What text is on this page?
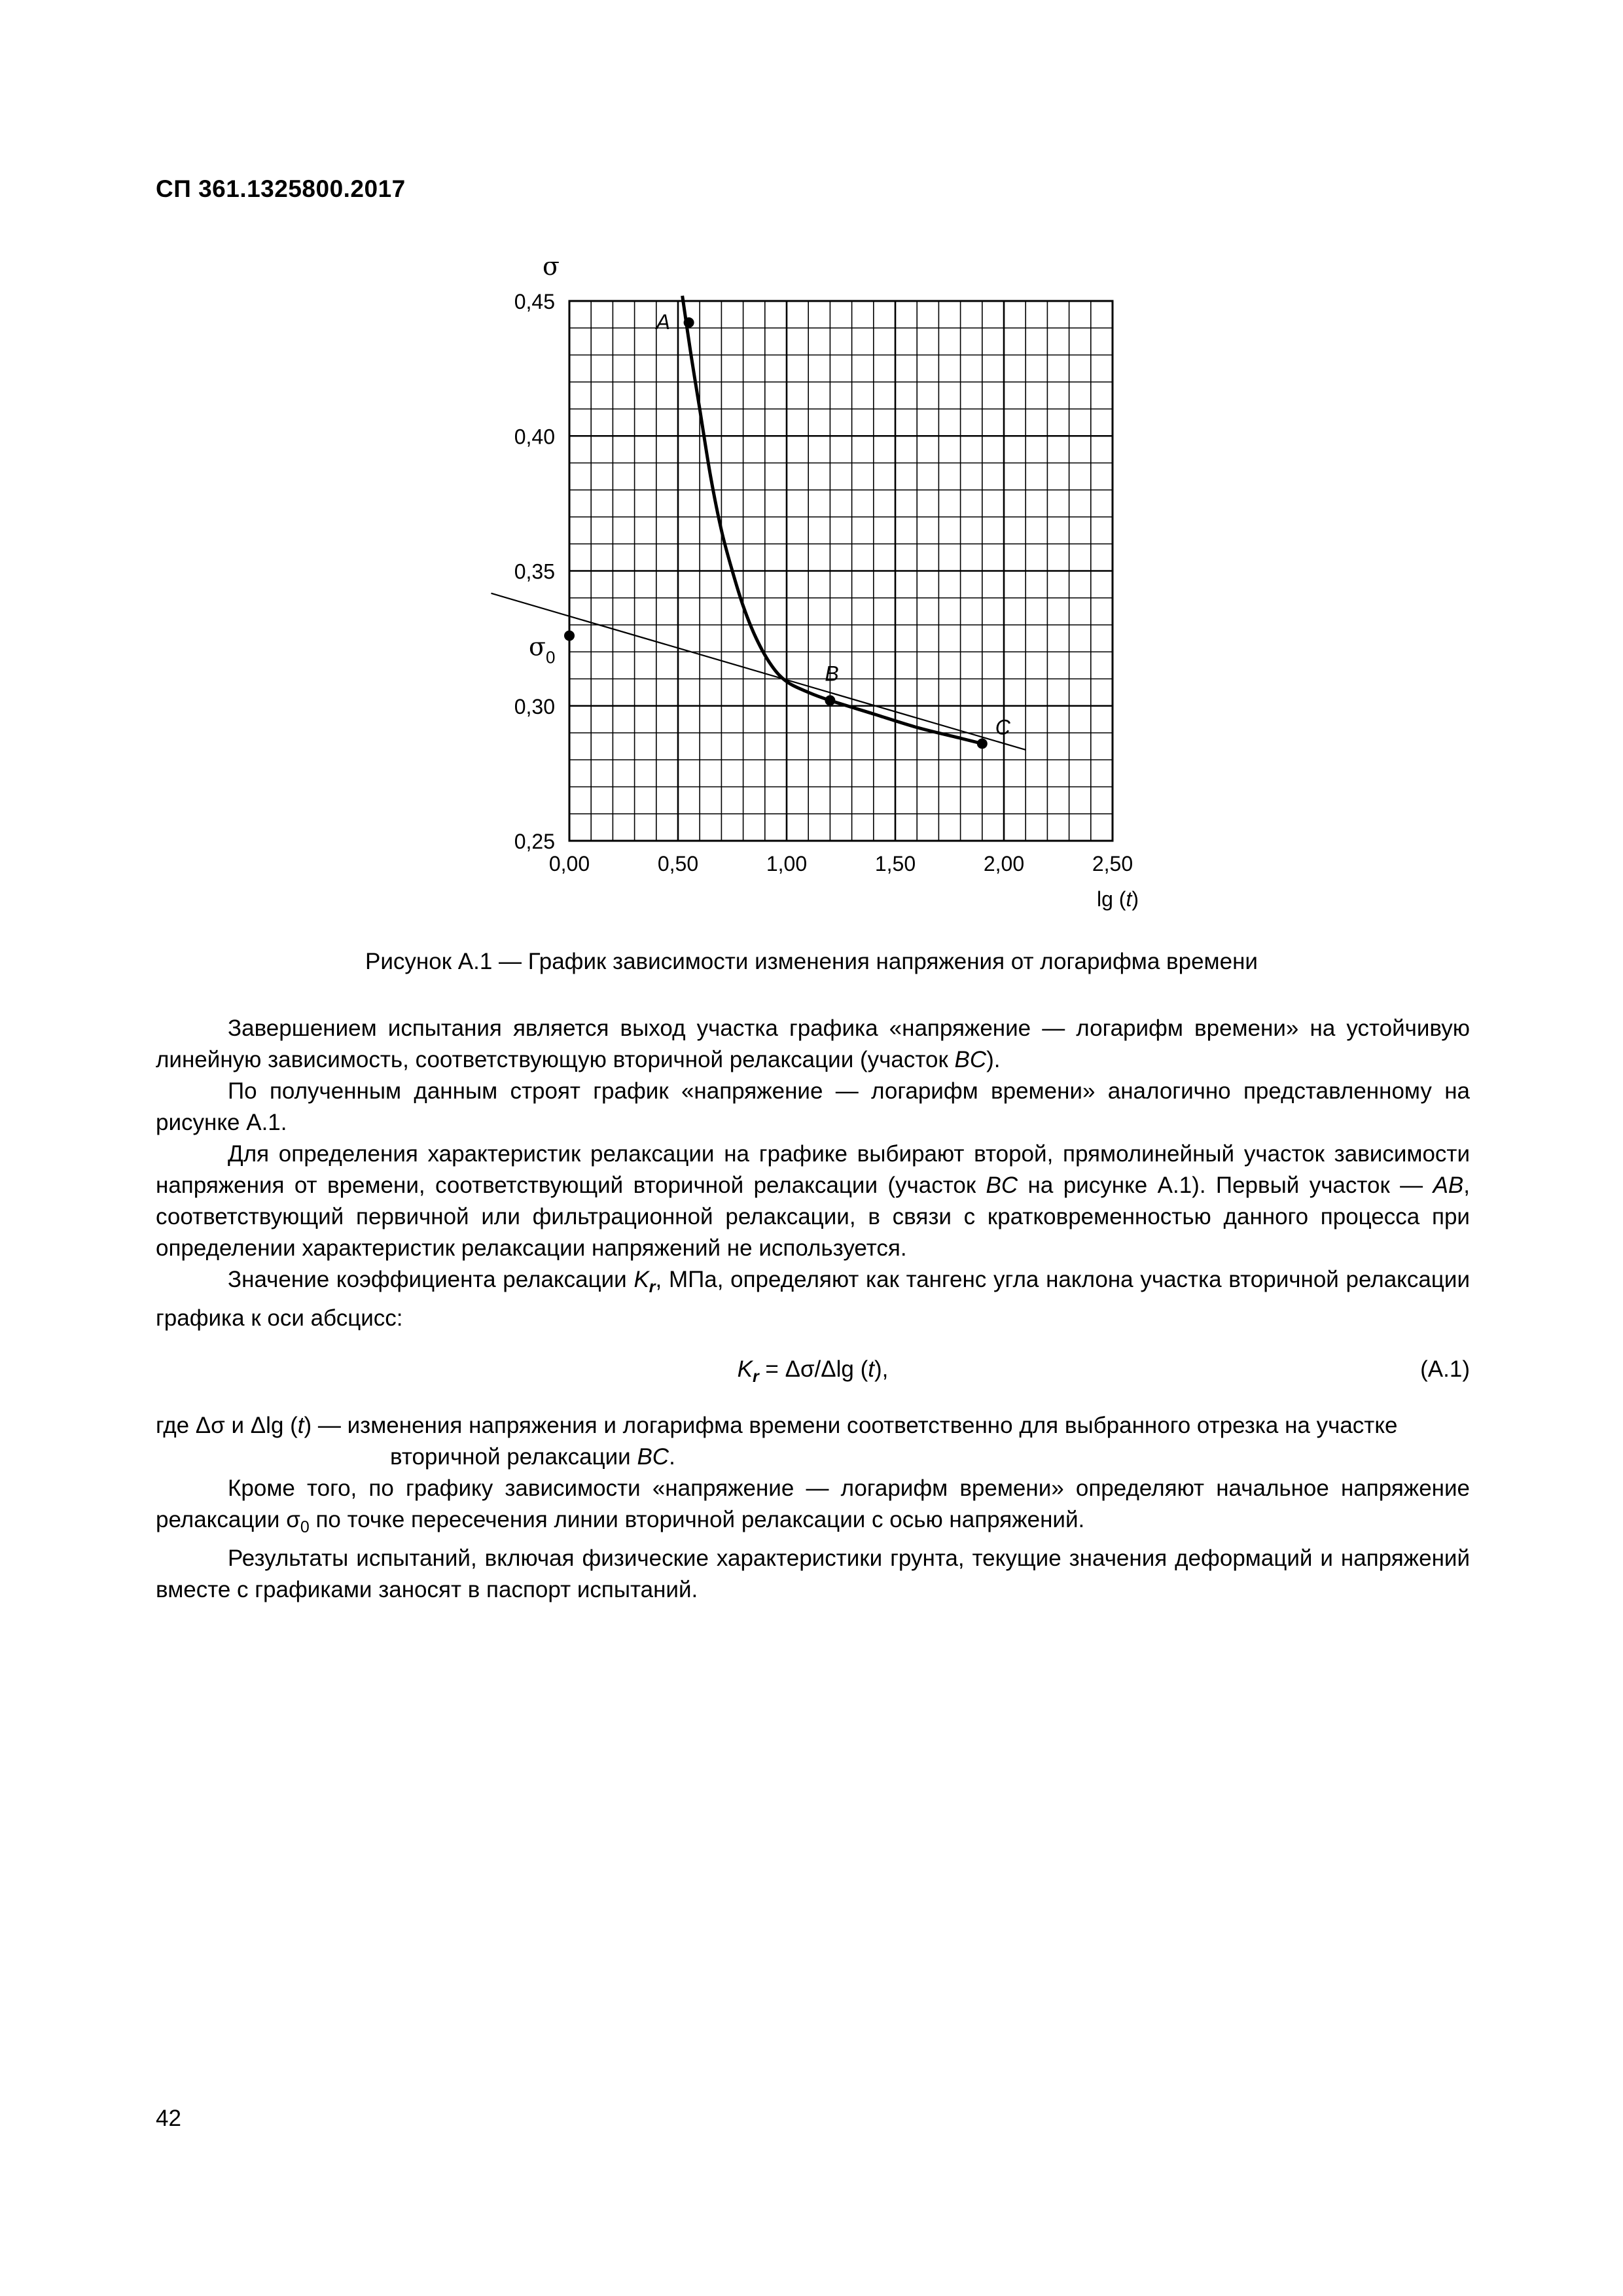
СП 361.1325800.2017
A
B
C
0,00	0,50	1,00	1,50	2,00	2,50
0,25
0,30
0,35
0,40
0,45
σ
$\sigma_0$
lg (t)
Рисунок А.1 — График зависимости изменения напряжения от логарифма времени

Завершением испытания является выход участка графика «напряжение — логарифм времени» на устойчивую линейную зависимость, соответствующую вторичной релаксации (участок BC).

По полученным данным строят график «напряжение — логарифм времени» аналогично представленному на рисунке А.1.

Для определения характеристик релаксации на графике выбирают второй, прямолинейный участок зависимости напряжения от времени, соответствующий вторичной релаксации (участок BC на рисунке А.1). Первый участок — AB, соответствующий первичной или фильтрационной релаксации, в связи с кратковременностью данного процесса при определении характеристик релаксации напряжений не используется.

Значение коэффициента релаксации $K_r$, МПа, определяют как тангенс угла наклона участка вторичной релаксации графика к оси абсцисс:

$K_r = \Delta\sigma/\Delta\lg$ (t),	(А.1)

где Δσ и Δlg (t) — изменения напряжения и логарифма времени соответственно для выбранного отрезка на участке
вторичной релаксации BC.

Кроме того, по графику зависимости «напряжение — логарифм времени» определяют начальное напряжение релаксации $\sigma_0$ по точке пересечения линии вторичной релаксации с осью напряжений.

Результаты испытаний, включая физические характеристики грунта, текущие значения деформаций и напряжений вместе с графиками заносят в паспорт испытаний.

42
